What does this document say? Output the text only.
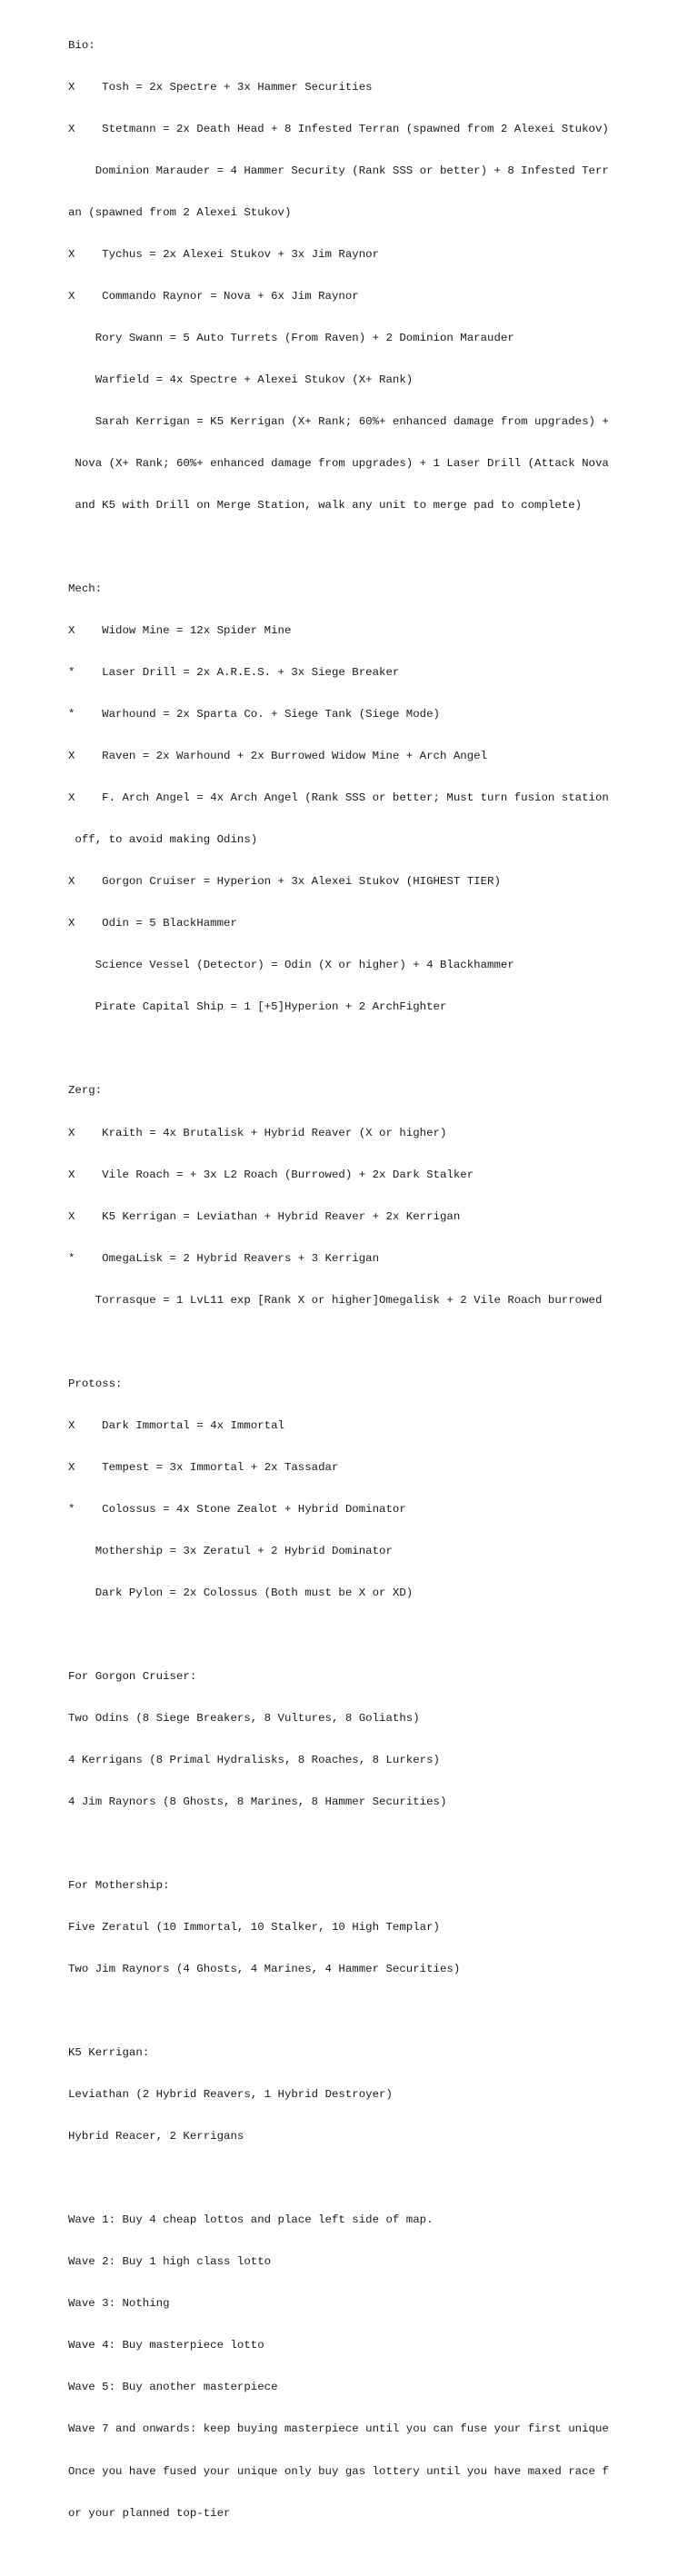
Bio:

X    Tosh = 2x Spectre + 3x Hammer Securities

X    Stetmann = 2x Death Head + 8 Infested Terran (spawned from 2 Alexei Stukov)

Dominion Marauder = 4 Hammer Security (Rank SSS or better) + 8 Infested Terr

an (spawned from 2 Alexei Stukov)

X    Tychus = 2x Alexei Stukov + 3x Jim Raynor

X    Commando Raynor = Nova + 6x Jim Raynor

Rory Swann = 5 Auto Turrets (From Raven) + 2 Dominion Marauder

Warfield = 4x Spectre + Alexei Stukov (X+ Rank)

Sarah Kerrigan = K5 Kerrigan (X+ Rank; 60%+ enhanced damage from upgrades) +

Nova (X+ Rank; 60%+ enhanced damage from upgrades) + 1 Laser Drill (Attack Nova

and K5 with Drill on Merge Station, walk any unit to merge pad to complete)

Mech:

X    Widow Mine = 12x Spider Mine

*    Laser Drill = 2x A.R.E.S. + 3x Siege Breaker

*    Warhound = 2x Sparta Co. + Siege Tank (Siege Mode)

X    Raven = 2x Warhound + 2x Burrowed Widow Mine + Arch Angel

X    F. Arch Angel = 4x Arch Angel (Rank SSS or better; Must turn fusion station

off, to avoid making Odins)

X    Gorgon Cruiser = Hyperion + 3x Alexei Stukov (HIGHEST TIER)

X    Odin = 5 BlackHammer

Science Vessel (Detector) = Odin (X or higher) + 4 Blackhammer

Pirate Capital Ship = 1 [+5]Hyperion + 2 ArchFighter

Zerg:

X    Kraith = 4x Brutalisk + Hybrid Reaver (X or higher)

X    Vile Roach = + 3x L2 Roach (Burrowed) + 2x Dark Stalker

X    K5 Kerrigan = Leviathan + Hybrid Reaver + 2x Kerrigan

*    OmegaLisk = 2 Hybrid Reavers + 3 Kerrigan

Torrasque = 1 LvL11 exp [Rank X or higher]Omegalisk + 2 Vile Roach burrowed

Protoss:

X    Dark Immortal = 4x Immortal

X    Tempest = 3x Immortal + 2x Tassadar

*    Colossus = 4x Stone Zealot + Hybrid Dominator

Mothership = 3x Zeratul + 2 Hybrid Dominator

Dark Pylon = 2x Colossus (Both must be X or XD)

For Gorgon Cruiser:

Two Odins (8 Siege Breakers, 8 Vultures, 8 Goliaths)

4 Kerrigans (8 Primal Hydralisks, 8 Roaches, 8 Lurkers)

4 Jim Raynors (8 Ghosts, 8 Marines, 8 Hammer Securities)

For Mothership:

Five Zeratul (10 Immortal, 10 Stalker, 10 High Templar)

Two Jim Raynors (4 Ghosts, 4 Marines, 4 Hammer Securities)

K5 Kerrigan:

Leviathan (2 Hybrid Reavers, 1 Hybrid Destroyer)

Hybrid Reacer, 2 Kerrigans

Wave 1: Buy 4 cheap lottos and place left side of map.

Wave 2: Buy 1 high class lotto

Wave 3: Nothing

Wave 4: Buy masterpiece lotto

Wave 5: Buy another masterpiece

Wave 7 and onwards: keep buying masterpiece until you can fuse your first unique

Once you have fused your unique only buy gas lottery until you have maxed race f

or your planned top-tier
